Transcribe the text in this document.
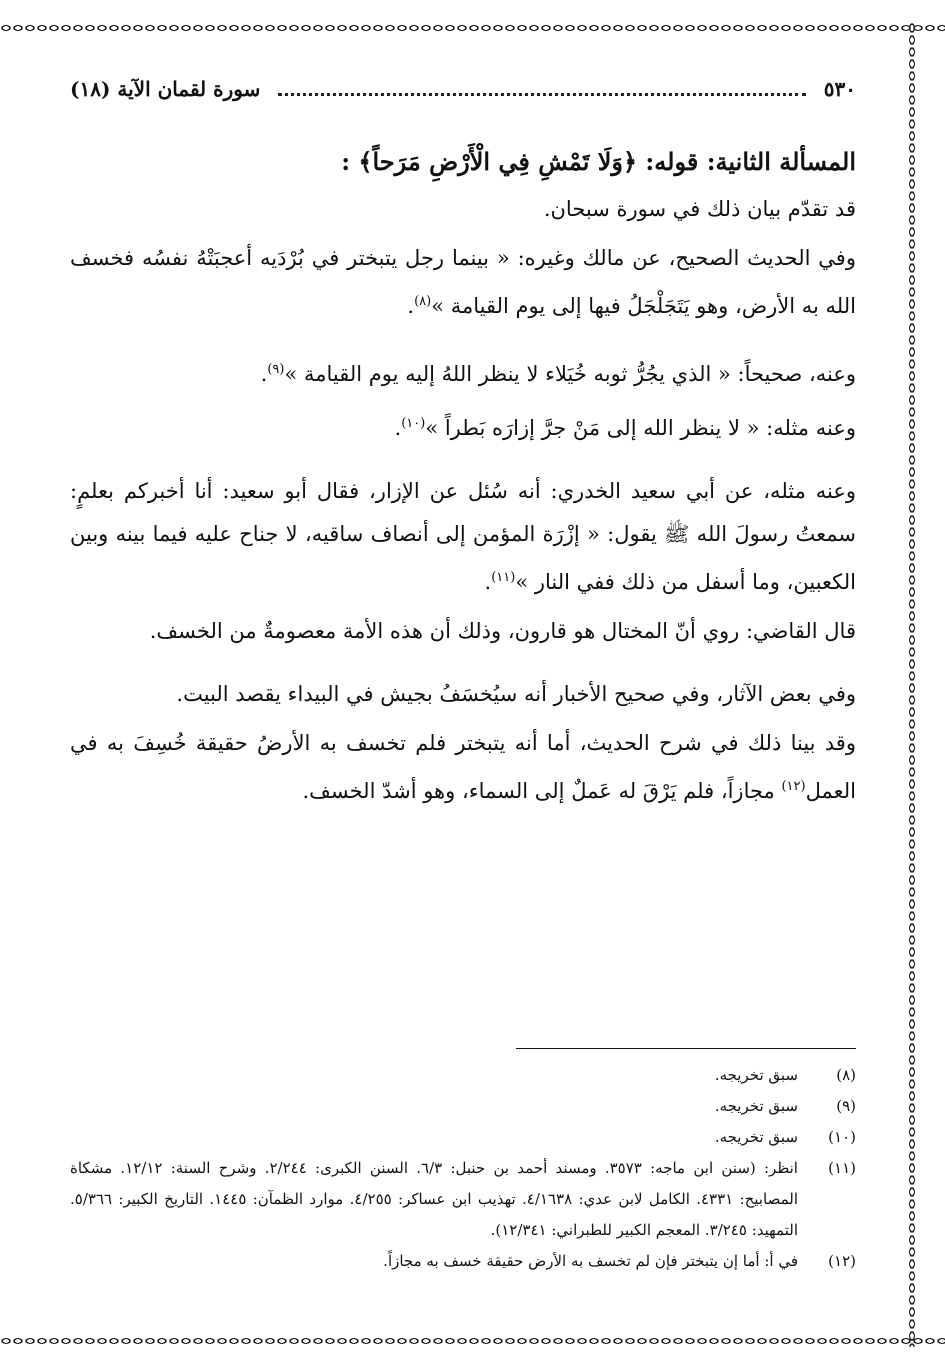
٥٣٠
سورة لقمان الآية (١٨)
المسألة الثانية: قوله: ﴿وَلَا تَمْشِ فِي الْأَرْضِ مَرَحاً﴾ :
قد تقدّم بيان ذلك في سورة سبحان.
وفي الحديث الصحيح، عن مالك وغيره: « بينما رجل يتبختر في بُرْدَيه أعجبَتْهُ نفسُه فخسف الله به الأرض، وهو يَتَجَلْجَلُ فيها إلى يوم القيامة »$^{(٨)}$.
وعنه، صحيحاً: « الذي يجُرُّ ثوبه خُيَلاء لا ينظر اللهُ إليه يوم القيامة »$^{(٩)}$.
وعنه مثله: « لا ينظر الله إلى مَنْ جرَّ إزارَه بَطراً »$^{(١٠)}$.
وعنه مثله، عن أبي سعيد الخدري: أنه سُئل عن الإزار، فقال أبو سعيد: أنا أخبركم بعلمٍ: سمعتُ رسولَ الله ﷺ يقول: « إزْرَة المؤمن إلى أنصاف ساقيه، لا جناح عليه فيما بينه وبين الكعبين، وما أسفل من ذلك ففي النار »$^{(١١)}$.
قال القاضي: روي أنّ المختال هو قارون، وذلك أن هذه الأمة معصومةٌ من الخسف.
وفي بعض الآثار، وفي صحيح الأخبار أنه سيُخسَفُ بجيش في البيداء يقصد البيت.
وقد بينا ذلك في شرح الحديث، أما أنه يتبختر فلم تخسف به الأرضُ حقيقة خُسِفَ به في العمل$^{(١٢)}$ مجازاً، فلم يَرْقَ له عَملٌ إلى السماء، وهو أشدّ الخسف.
(٨)
سبق تخريجه.
(٩)
سبق تخريجه.
(١٠)
سبق تخريجه.
(١١)
انظر: (سنن ابن ماجه: ٣٥٧٣. ومسند أحمد بن حنبل: ٦/٣. السنن الكبرى: ٢/٢٤٤. وشرح السنة: ١٢/١٢. مشكاة المصابيح: ٤٣٣١. الكامل لابن عدي: ٤/١٦٣٨. تهذيب ابن عساكر: ٤/٢٥٥. موارد الظمآن: ١٤٤٥. التاريخ الكبير: ٥/٣٦٦. التمهيد: ٣/٢٤٥. المعجم الكبير للطبراني: ١٢/٣٤١).
(١٢)
في أ: أما إن يتبختر فإن لم تخسف به الأرض حقيقة خسف به مجازاً.
